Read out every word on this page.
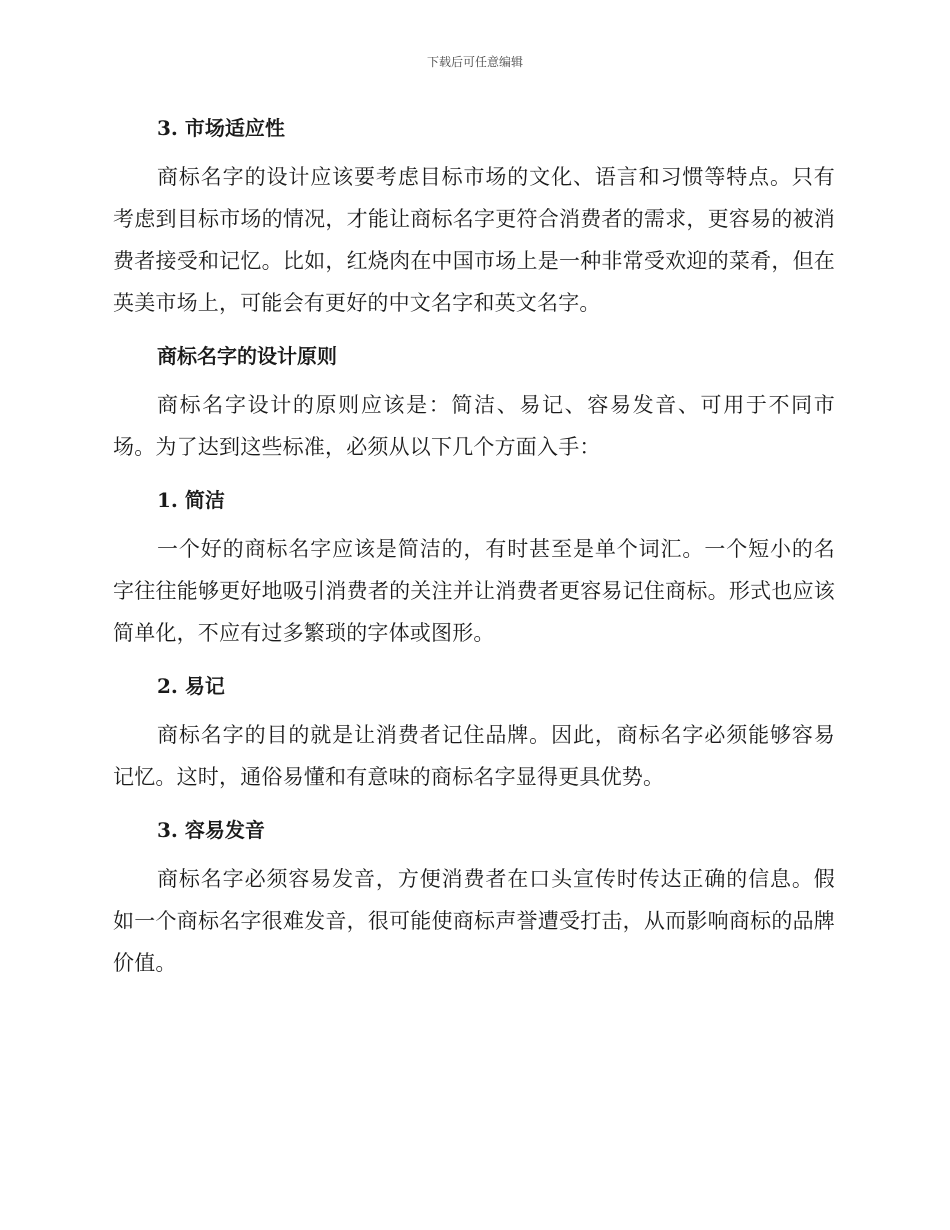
下载后可任意编辑
3. 市场适应性

商标名字的设计应该要考虑目标市场的文化、语言和习惯等特点。只有考虑到目标市场的情况，才能让商标名字更符合消费者的需求，更容易的被消费者接受和记忆。比如，红烧肉在中国市场上是一种非常受欢迎的菜肴，但在英美市场上，可能会有更好的中文名字和英文名字。

商标名字的设计原则

商标名字设计的原则应该是：简洁、易记、容易发音、可用于不同市场。为了达到这些标准，必须从以下几个方面入手：

1. 简洁

一个好的商标名字应该是简洁的，有时甚至是单个词汇。一个短小的名字往往能够更好地吸引消费者的关注并让消费者更容易记住商标。形式也应该简单化，不应有过多繁琐的字体或图形。

2. 易记

商标名字的目的就是让消费者记住品牌。因此，商标名字必须能够容易记忆。这时，通俗易懂和有意味的商标名字显得更具优势。

3. 容易发音

商标名字必须容易发音，方便消费者在口头宣传时传达正确的信息。假如一个商标名字很难发音，很可能使商标声誉遭受打击，从而影响商标的品牌价值。
